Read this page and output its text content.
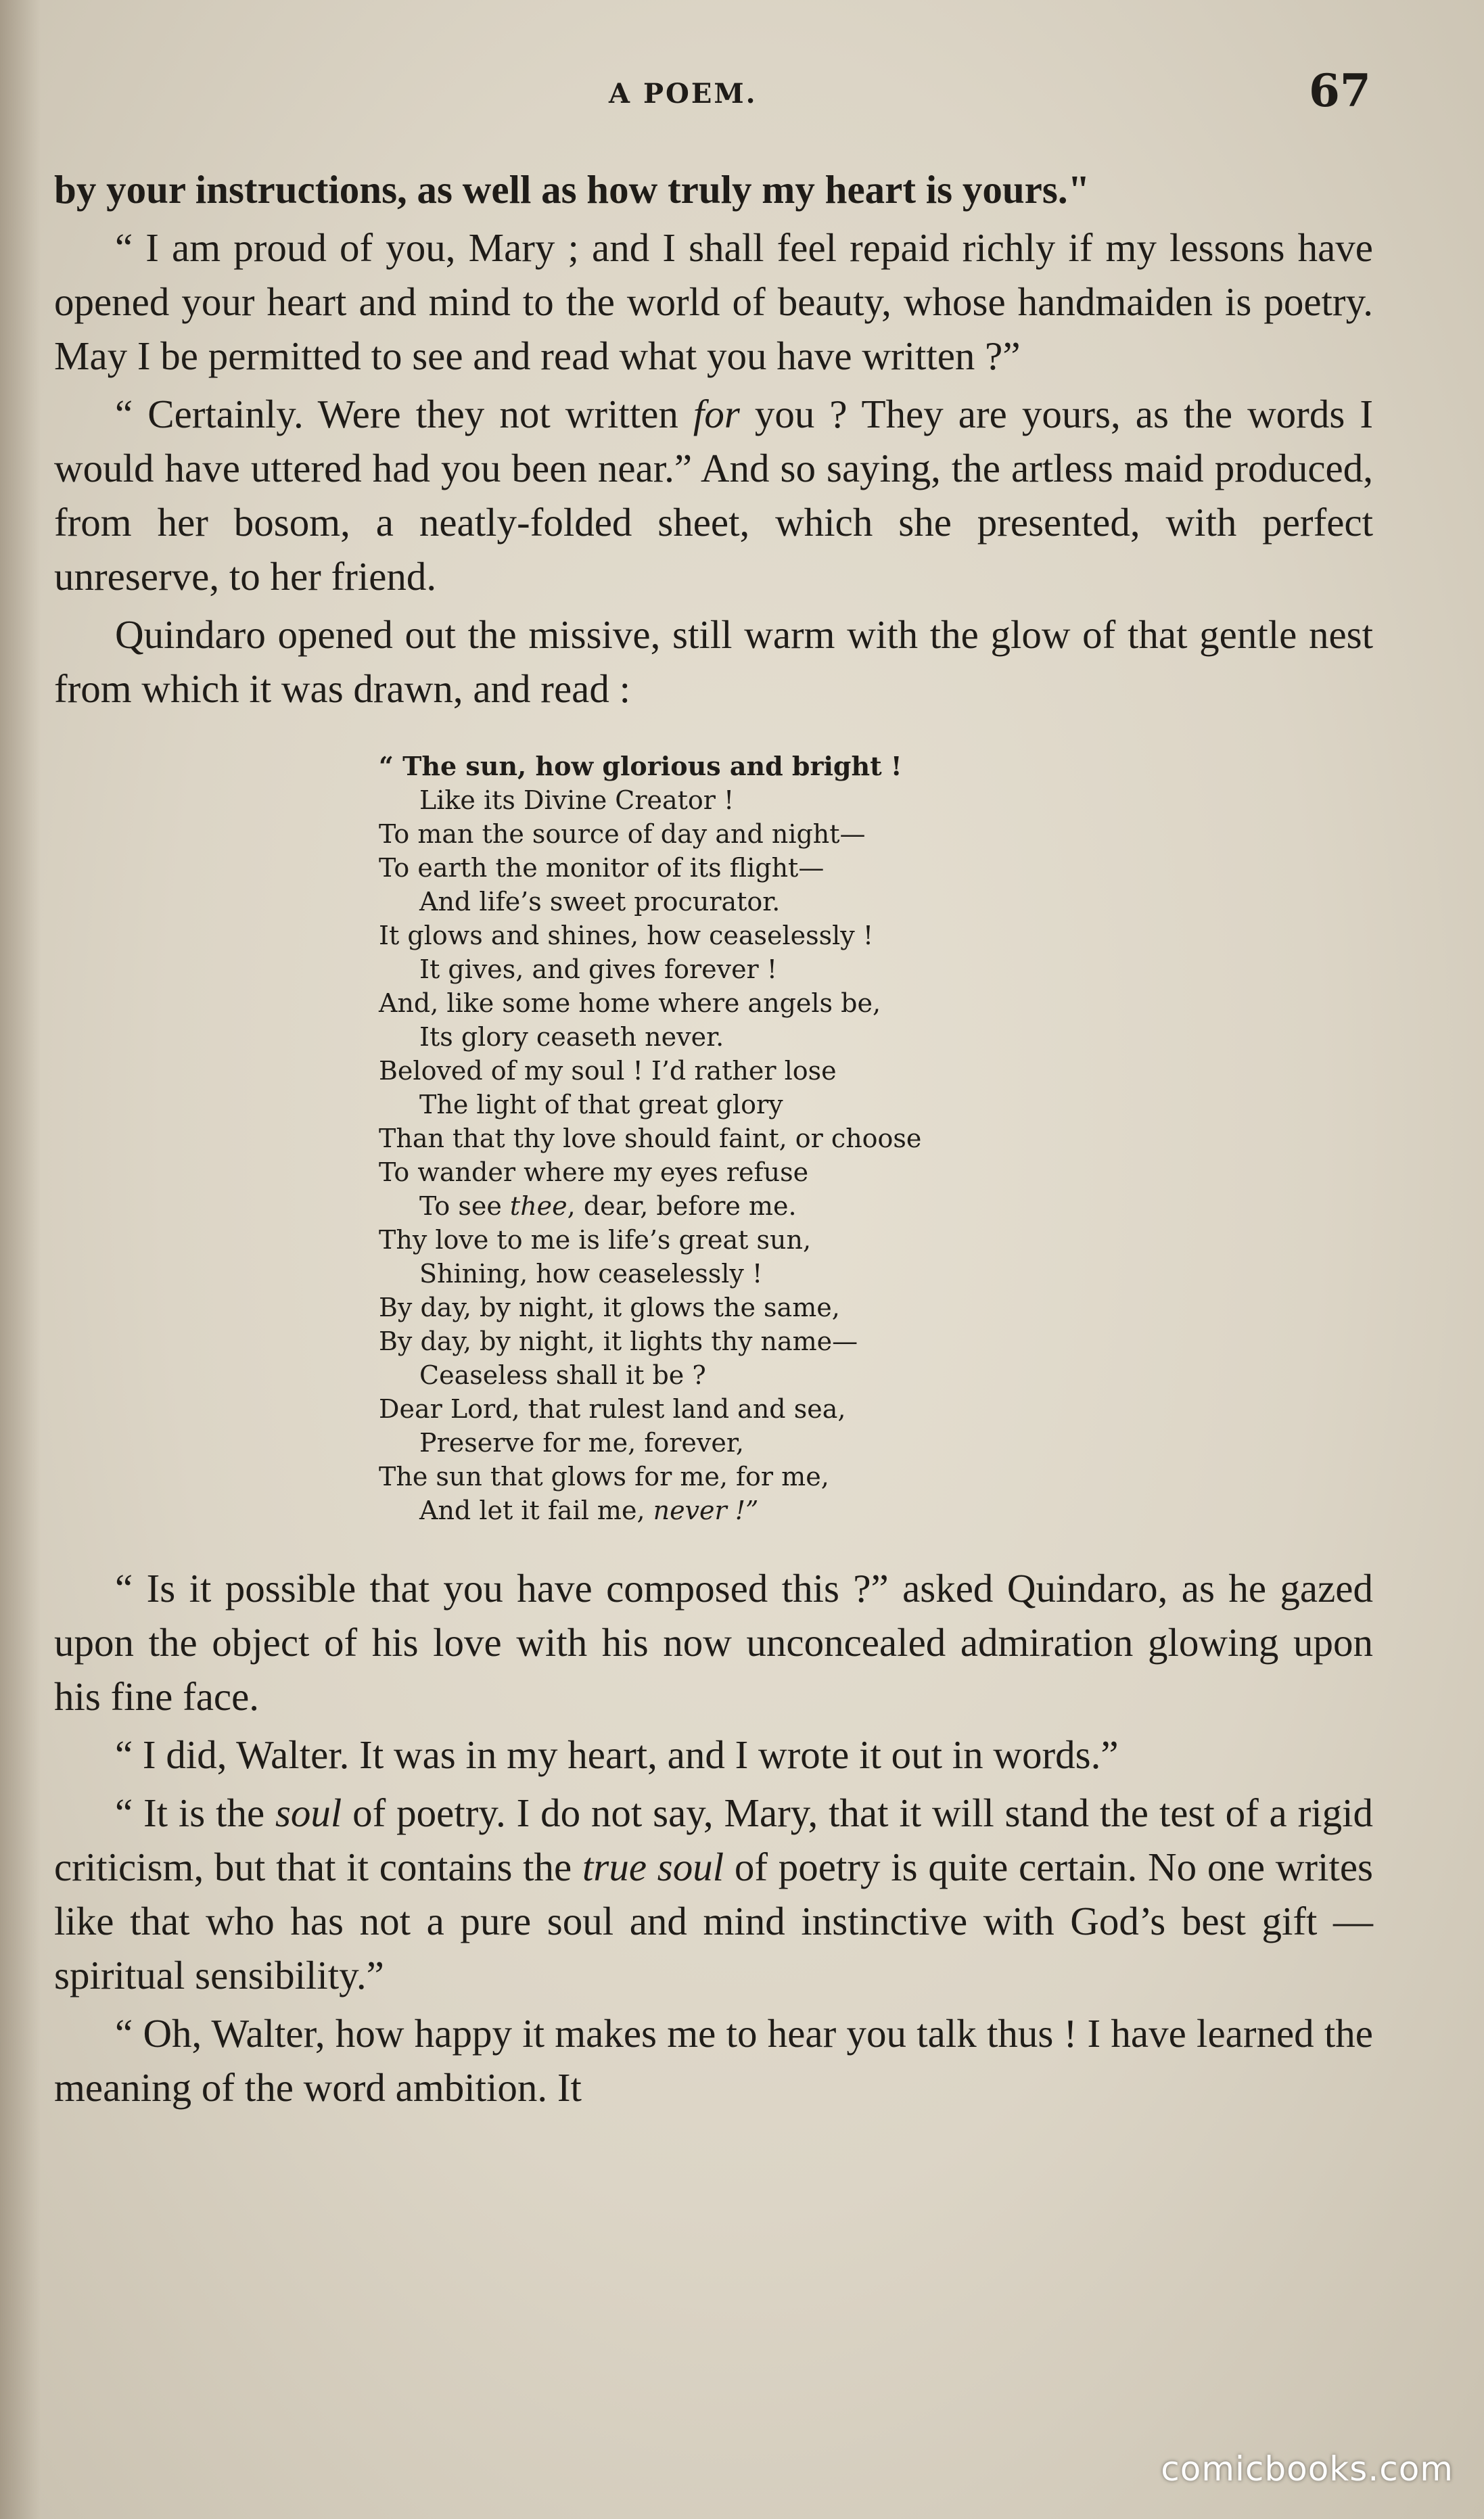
A POEM.	67

by your instructions, as well as how truly my heart is yours."

“ I am proud of you, Mary ; and I shall feel repaid richly if my lessons have opened your heart and mind to the world of beauty, whose handmaiden is poetry. May I be permitted to see and read what you have written ?”

“ Certainly. Were they not written for you ? They are yours, as the words I would have uttered had you been near.” And so saying, the artless maid produced, from her bosom, a neatly-folded sheet, which she presented, with perfect unreserve, to her friend.

Quindaro opened out the missive, still warm with the glow of that gentle nest from which it was drawn, and read :

“ The sun, how glorious and bright !
Like its Divine Creator !
To man the source of day and night—
To earth the monitor of its flight—
And life’s sweet procurator.
It glows and shines, how ceaselessly !
It gives, and gives forever !
And, like some home where angels be,
Its glory ceaseth never.
Beloved of my soul ! I’d rather lose
The light of that great glory
Than that thy love should faint, or choose
To wander where my eyes refuse
To see thee, dear, before me.
Thy love to me is life’s great sun,
Shining, how ceaselessly !
By day, by night, it glows the same,
By day, by night, it lights thy name—
Ceaseless shall it be ?
Dear Lord, that rulest land and sea,
Preserve for me, forever,
The sun that glows for me, for me,
And let it fail me, never !”

“ Is it possible that you have composed this ?” asked Quindaro, as he gazed upon the object of his love with his now unconcealed admiration glowing upon his fine face.

“ I did, Walter. It was in my heart, and I wrote it out in words.”

“ It is the soul of poetry. I do not say, Mary, that it will stand the test of a rigid criticism, but that it contains the true soul of poetry is quite certain. No one writes like that who has not a pure soul and mind instinctive with God’s best gift —spiritual sensibility.”

“ Oh, Walter, how happy it makes me to hear you talk thus ! I have learned the meaning of the word ambition. It

comicbooks.com
